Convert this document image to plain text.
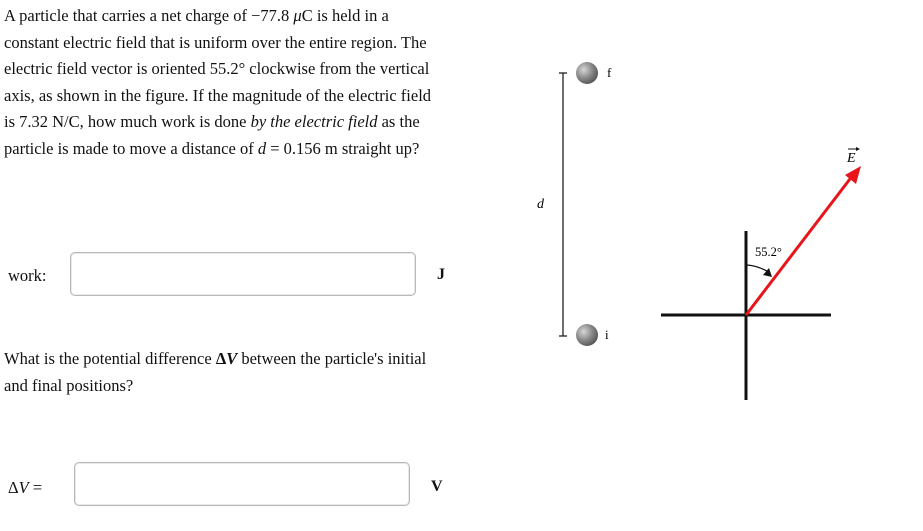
A particle that carries a net charge of −77.8 μC is held in a constant electric field that is uniform over the entire region. The electric field vector is oriented 55.2° clockwise from the vertical axis, as shown in the figure. If the magnitude of the electric field is 7.32 N/C, how much work is done by the electric field as the particle is made to move a distance of d = 0.156 m straight up?
work:	J
What is the potential difference ΔV between the particle's initial and final positions?
ΔV =	V
d
f
i
E
55.2°
